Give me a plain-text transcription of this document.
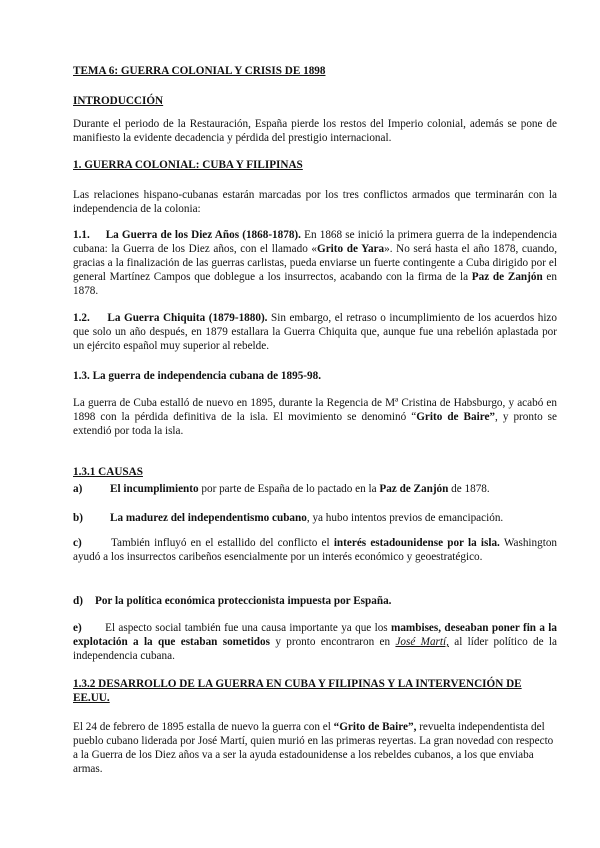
TEMA 6: GUERRA COLONIAL Y CRISIS DE 1898

INTRODUCCIÓN

Durante el periodo de la Restauración, España pierde los restos del Imperio colonial, además se pone de manifiesto la evidente decadencia y pérdida del prestigio internacional.

1. GUERRA COLONIAL: CUBA Y FILIPINAS

Las relaciones hispano-cubanas estarán marcadas por los tres conflictos armados que terminarán con la independencia de la colonia:

1.1. La Guerra de los Diez Años (1868-1878). En 1868 se inició la primera guerra de la independencia cubana: la Guerra de los Diez años, con el llamado «Grito de Yara». No será hasta el año 1878, cuando, gracias a la finalización de las guerras carlistas, pueda enviarse un fuerte contingente a Cuba dirigido por el general Martínez Campos que doblegue a los insurrectos, acabando con la firma de la Paz de Zanjón en 1878.

1.2. La Guerra Chiquita (1879-1880). Sin embargo, el retraso o incumplimiento de los acuerdos hizo que solo un año después, en 1879 estallara la Guerra Chiquita que, aunque fue una rebelión aplastada por un ejército español muy superior al rebelde.

1.3. La guerra de independencia cubana de 1895-98.

La guerra de Cuba estalló de nuevo en 1895, durante la Regencia de Mª Cristina de Habsburgo, y acabó en 1898 con la pérdida definitiva de la isla. El movimiento se denominó “Grito de Baire”, y pronto se extendió por toda la isla.

1.3.1 CAUSAS

a)	El incumplimiento por parte de España de lo pactado en la Paz de Zanjón de 1878.

b)	La madurez del independentismo cubano, ya hubo intentos previos de emancipación.

c)	También influyó en el estallido del conflicto el interés estadounidense por la isla. Washington ayudó a los insurrectos caribeños esencialmente por un interés económico y geoestratégico.

d)	Por la política económica proteccionista impuesta por España.

e) El aspecto social también fue una causa importante ya que los mambises, deseaban poner fin a la explotación a la que estaban sometidos y pronto encontraron en José Martí, al líder político de la independencia cubana.

1.3.2 DESARROLLO DE LA GUERRA EN CUBA Y FILIPINAS Y LA INTERVENCIÓN DE EE.UU.

El 24 de febrero de 1895 estalla de nuevo la guerra con el “Grito de Baire”, revuelta independentista del pueblo cubano liderada por José Martí, quien murió en las primeras reyertas. La gran novedad con respecto a la Guerra de los Diez años va a ser la ayuda estadounidense a los rebeldes cubanos, a los que enviaba armas.
